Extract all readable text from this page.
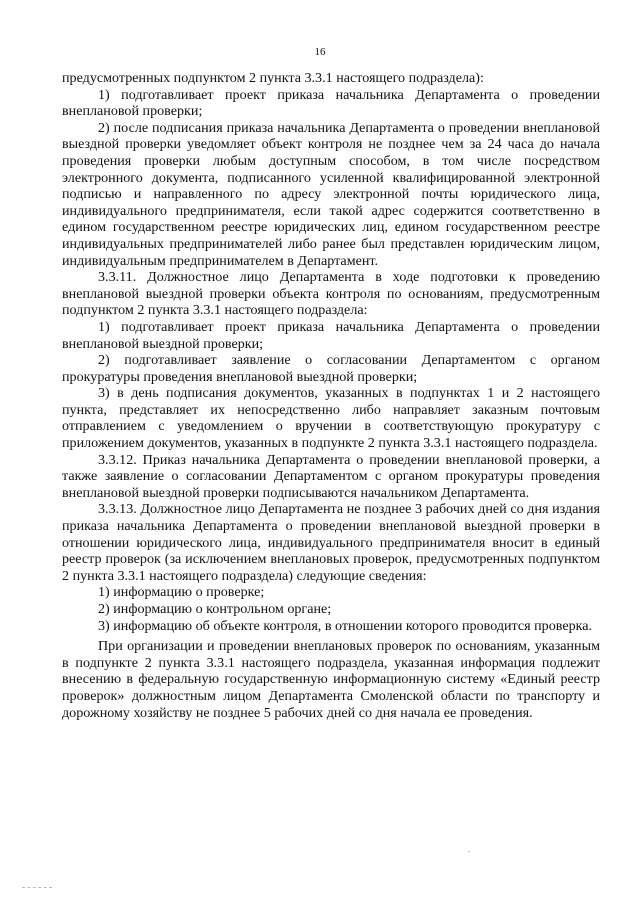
16

предусмотренных подпунктом 2 пункта 3.3.1 настоящего подраздела):

1) подготавливает проект приказа начальника Департамента о проведении внеплановой проверки;

2) после подписания приказа начальника Департамента о проведении внеплановой выездной проверки уведомляет объект контроля не позднее чем за 24 часа до начала проведения проверки любым доступным способом, в том числе посредством электронного документа, подписанного усиленной квалифицированной электронной подписью и направленного по адресу электронной почты юридического лица, индивидуального предпринимателя, если такой адрес содержится соответственно в едином государственном реестре юридических лиц, едином государственном реестре индивидуальных предпринимателей либо ранее был представлен юридическим лицом, индивидуальным предпринимателем в Департамент.

3.3.11. Должностное лицо Департамента в ходе подготовки к проведению внеплановой выездной проверки объекта контроля по основаниям, предусмотренным подпунктом 2 пункта 3.3.1 настоящего подраздела:

1) подготавливает проект приказа начальника Департамента о проведении внеплановой выездной проверки;

2) подготавливает заявление о согласовании Департаментом с органом прокуратуры проведения внеплановой выездной проверки;

3) в день подписания документов, указанных в подпунктах 1 и 2 настоящего пункта, представляет их непосредственно либо направляет заказным почтовым отправлением с уведомлением о вручении в соответствующую прокуратуру с приложением документов, указанных в подпункте 2 пункта 3.3.1 настоящего подраздела.

3.3.12. Приказ начальника Департамента о проведении внеплановой проверки, а также заявление о согласовании Департаментом с органом прокуратуры проведения внеплановой выездной проверки подписываются начальником Департамента.

3.3.13. Должностное лицо Департамента не позднее 3 рабочих дней со дня издания приказа начальника Департамента о проведении внеплановой выездной проверки в отношении юридического лица, индивидуального предпринимателя вносит в единый реестр проверок (за исключением внеплановых проверок, предусмотренных подпунктом 2 пункта 3.3.1 настоящего подраздела) следующие сведения:

1) информацию о проверке;

2) информацию о контрольном органе;

3) информацию об объекте контроля, в отношении которого проводится проверка.

При организации и проведении внеплановых проверок по основаниям, указанным в подпункте 2 пункта 3.3.1 настоящего подраздела, указанная информация подлежит внесению в федеральную государственную информационную систему «Единый реестр проверок» должностным лицом Департамента Смоленской области по транспорту и дорожному хозяйству не позднее 5 рабочих дней со дня начала ее проведения.
